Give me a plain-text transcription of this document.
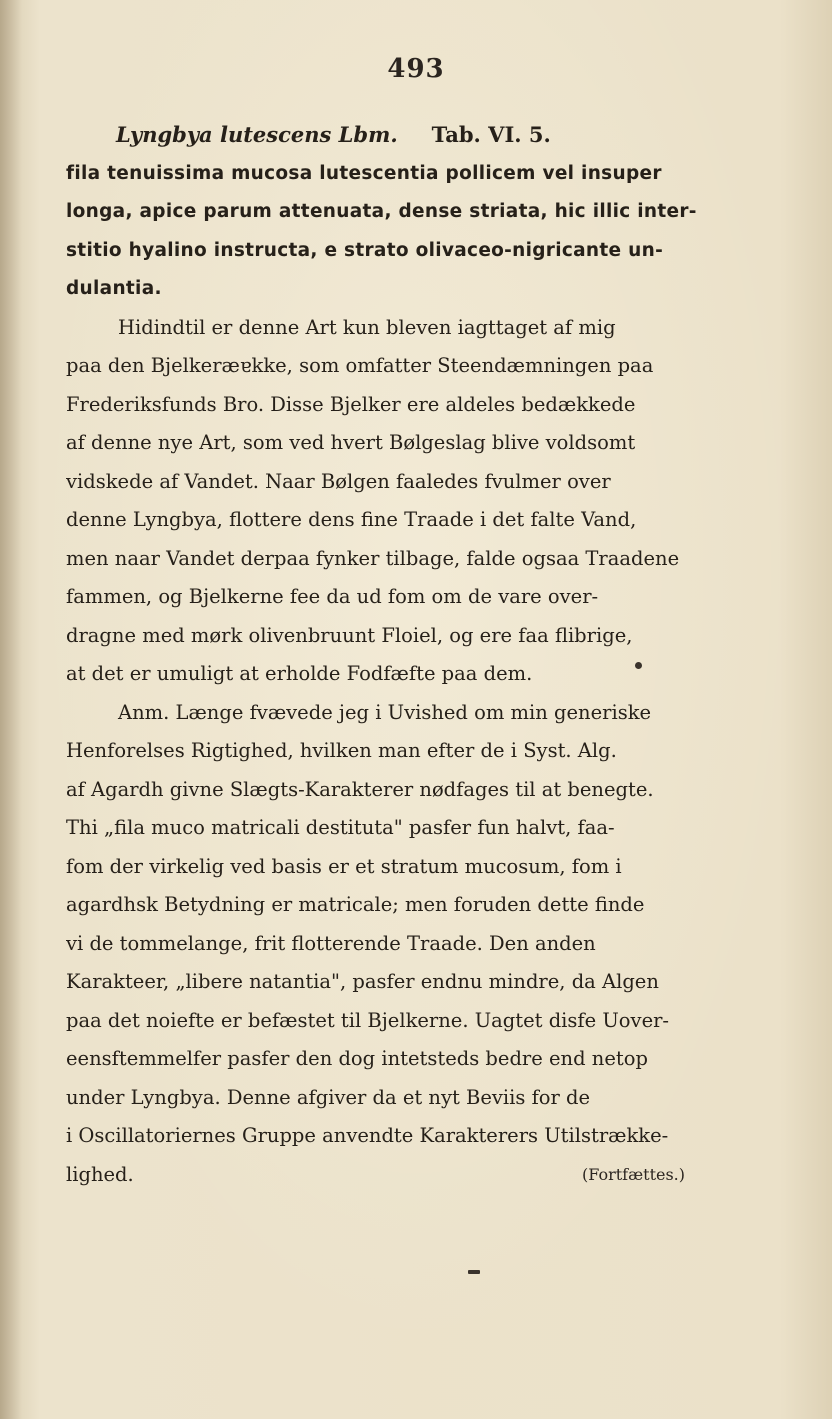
493
Lyngbya lutescens Lbm. Tab. VI. 5.
fila tenuissima mucosa lutescentia pollicem vel insuper
longa, apice parum attenuata, dense striata, hic illic inter-
stitio hyalino instructa, e strato olivaceo-nigricante un-
dulantia.
Hidindtil er denne Art kun bleven iagttaget af mig
paa den Bjelkeræɐkke, som omfatter Steendæmningen paa
Frederiksfunds Bro. Disse Bjelker ere aldeles bedækkede
af denne nye Art, som ved hvert Bølgeslag blive voldsomt
vidskede af Vandet. Naar Bølgen faaledes fvulmer over
denne Lyngbya, flottere dens fine Traade i det falte Vand,
men naar Vandet derpaa fynker tilbage, falde ogsaa Traadene
fammen, og Bjelkerne fee da ud fom om de vare over-
dragne med mørk olivenbruunt Floiel, og ere faa flibrige,
at det er umuligt at erholde Fodfæfte paa dem.
Anm. Længe fvævede jeg i Uvished om min generiske
Henforelses Rigtighed, hvilken man efter de i Syst. Alg.
af Agardh givne Slægts-Karakterer nødfages til at benegte.
Thi „fila muco matricali destituta" pasfer fun halvt, faa-
fom der virkelig ved basis er et stratum mucosum, fom i
agardhsk Betydning er matricale; men foruden dette finde
vi de tommelange, frit flotterende Traade. Den anden
Karakteer, „libere natantia", pasfer endnu mindre, da Algen
paa det noiefte er befæstet til Bjelkerne. Uagtet disfe Uover-
eensftemmelfer pasfer den dog intetstedѕ bedre end netop
under Lyngbya. Denne afgiver da et nyt Beviis for de
i Oscillatoriernes Gruppe anvendte Karakterers Utilstrække-
lighed.	(Fortfættes.)
